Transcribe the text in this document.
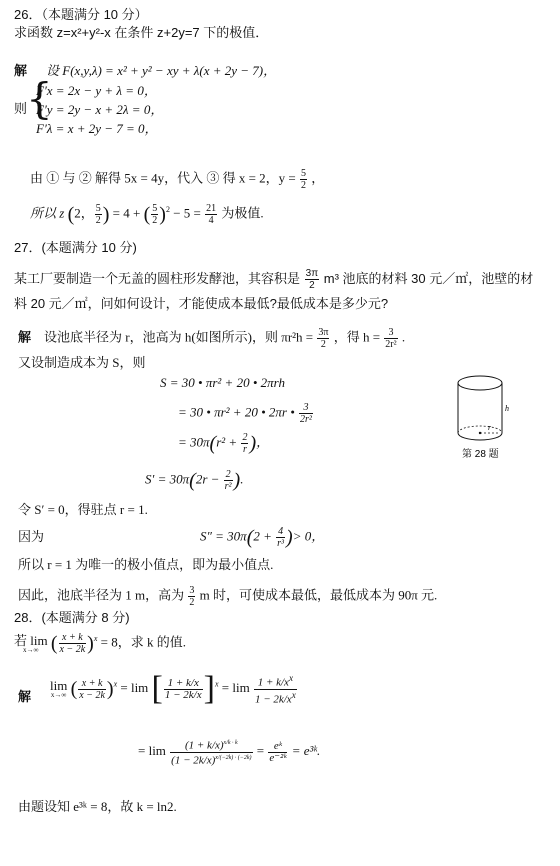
26．（本题满分 10 分）
求函数 z=x²+y²-x 在条件 z+2y=7 下的极值．
解 设 F(x,y,λ) = x² + y² − xy + λ(x + 2y − 7)，
则
{
F′x = 2x − y + λ = 0，
F′y = 2y − x + 2λ = 0，
F′λ = x + 2y − 7 = 0，
由 ① 与 ② 解得 5x = 4y，代入 ③ 得 x = 2，$y = \frac{5}{2}$ ，
所以 z (2， $\frac{5}{2}$ ) = 4 + ( $\frac{5}{2} )^2 - 5 = \frac{21}{4}$ 为极值.
27．(本题满分 10 分)
某工厂要制造一个无盖的圆柱形发酵池，其容积是 $\frac{3\pi}{2} m^3$ 池底的材料 30 元／㎡，池壁的材
料 20 元／㎡，问如何设计，才能使成本最低?最低成本是多少元?
解 设池底半径为 r，池高为 h(如图所示)，则 $\pi r^2h = \frac{3\pi}{2}$ ，得 $h = \frac{3}{\text{2r²}}$ .
又设制造成本为 S，则
S = 30 • πr² + 20 • 2πrh
= 30 • πr² + 20 • 2πr • $\frac{3}{\text{2r²}}$
= $30\pi(r^2 + \frac{2}{r}$ )，
$S' = 30\pi(2r - \frac{2}{\text{r²}}$ ).
令 S′ = 0，得驻点 r = 1.
因为	$S'' = 30\pi(2 + \frac{4}{\text{r³}}$ )> 0，
所以 r = 1 为唯一的极小值点，即为最小值点.
因此，池底半径为 1 m，高为 $\frac{3}{2}$ m 时，可使成本最低，最低成本为 90π 元.
h
r
第 28 题
28．(本题满分 8 分)
若 lim
x→∞ ( $\frac{x + k}{x - 2k} )^x = 8$，求 k 的值.
解
lim
x→∞ ( $\frac{x + k}{x - 2k} )^x = \lim$ [ $\frac{1 + k/x}{1 - 2k/x} ]^x = \lim \frac{1 + k/x^x}{1 - 2k/x^x}$
= $\lim \frac{(1 + k/x)^{x/k \cdot k}}{(1 - 2k/x)^{x/(-2k) \cdot (-2k)}} = \frac{\text{eᵏ}}{\text{e⁻²ᵏ}}$ = e³ᵏ.
由题设知 e³ᵏ = 8，故 k = ln2.
